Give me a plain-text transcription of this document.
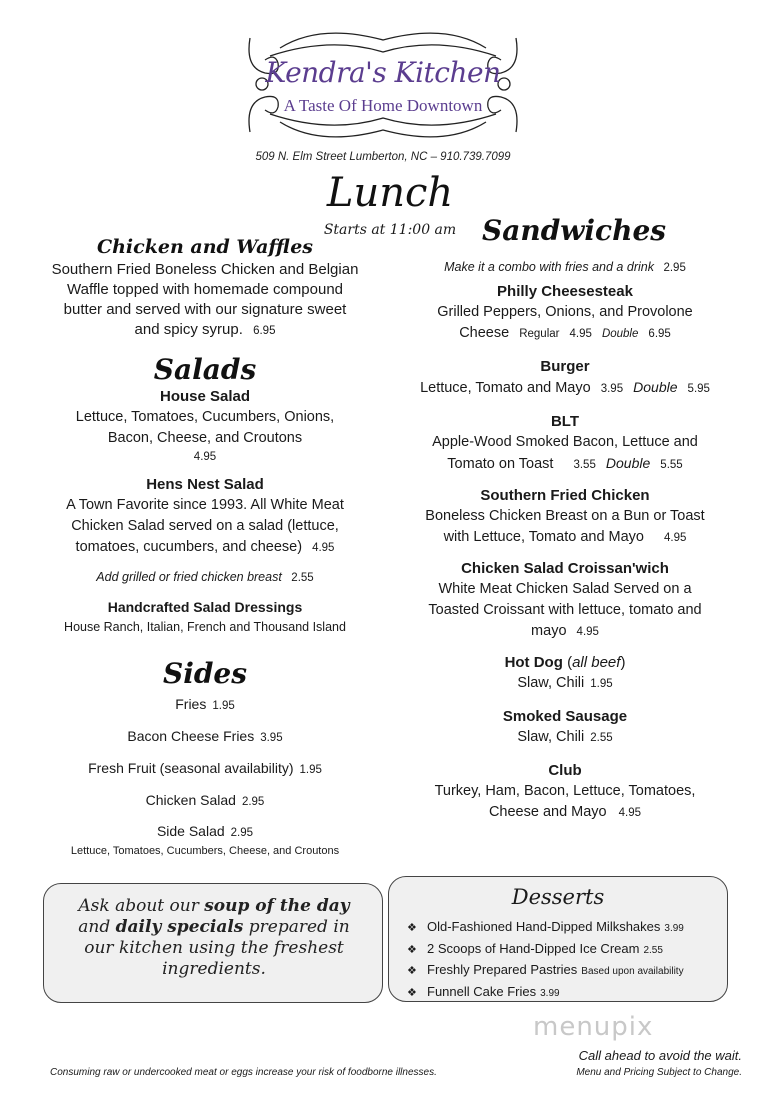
Kendra's Kitchen
A Taste Of Home Downtown
509 N. Elm Street Lumberton, NC – 910.739.7099
Lunch
Starts at 11:00 am
Chicken and Waffles
Southern Fried Boneless Chicken and Belgian Waffle topped with homemade compound butter and served with our signature sweet and spicy syrup. 6.95
Salads
House Salad
Lettuce, Tomatoes, Cucumbers, Onions, Bacon, Cheese, and Croutons
4.95
Hens Nest Salad
A Town Favorite since 1993. All White Meat Chicken Salad served on a salad (lettuce, tomatoes, cucumbers, and cheese) 4.95
Add grilled or fried chicken breast 2.55
Handcrafted Salad Dressings
House Ranch, Italian, French and Thousand Island
Sides
Fries 1.95
Bacon Cheese Fries 3.95
Fresh Fruit (seasonal availability) 1.95
Chicken Salad 2.95
Side Salad 2.95
Lettuce, Tomatoes, Cucumbers, Cheese, and Croutons
Sandwiches
Make it a combo with fries and a drink 2.95
Philly Cheesesteak
Grilled Peppers, Onions, and Provolone
Cheese Regular 4.95 Double 6.95
Burger
Lettuce, Tomato and Mayo 3.95 Double 5.95
BLT
Apple-Wood Smoked Bacon, Lettuce and
Tomato on Toast 3.55 Double 5.55
Southern Fried Chicken
Boneless Chicken Breast on a Bun or Toast
with Lettuce, Tomato and Mayo 4.95
Chicken Salad Croissan'wich
White Meat Chicken Salad Served on a Toasted Croissant with lettuce, tomato and mayo 4.95
Hot Dog (all beef)
Slaw, Chili 1.95
Smoked Sausage
Slaw, Chili 2.55
Club
Turkey, Ham, Bacon, Lettuce, Tomatoes,
Cheese and Mayo 4.95
Ask about our soup of the day and daily specials prepared in our kitchen using the freshest ingredients.
Desserts
❖ Old-Fashioned Hand-Dipped Milkshakes 3.99
❖ 2 Scoops of Hand-Dipped Ice Cream 2.55
❖ Freshly Prepared Pastries Based upon availability
❖ Funnell Cake Fries 3.99
menupix
Call ahead to avoid the wait.
Menu and Pricing Subject to Change.
Consuming raw or undercooked meat or eggs increase your risk of foodborne illnesses.
